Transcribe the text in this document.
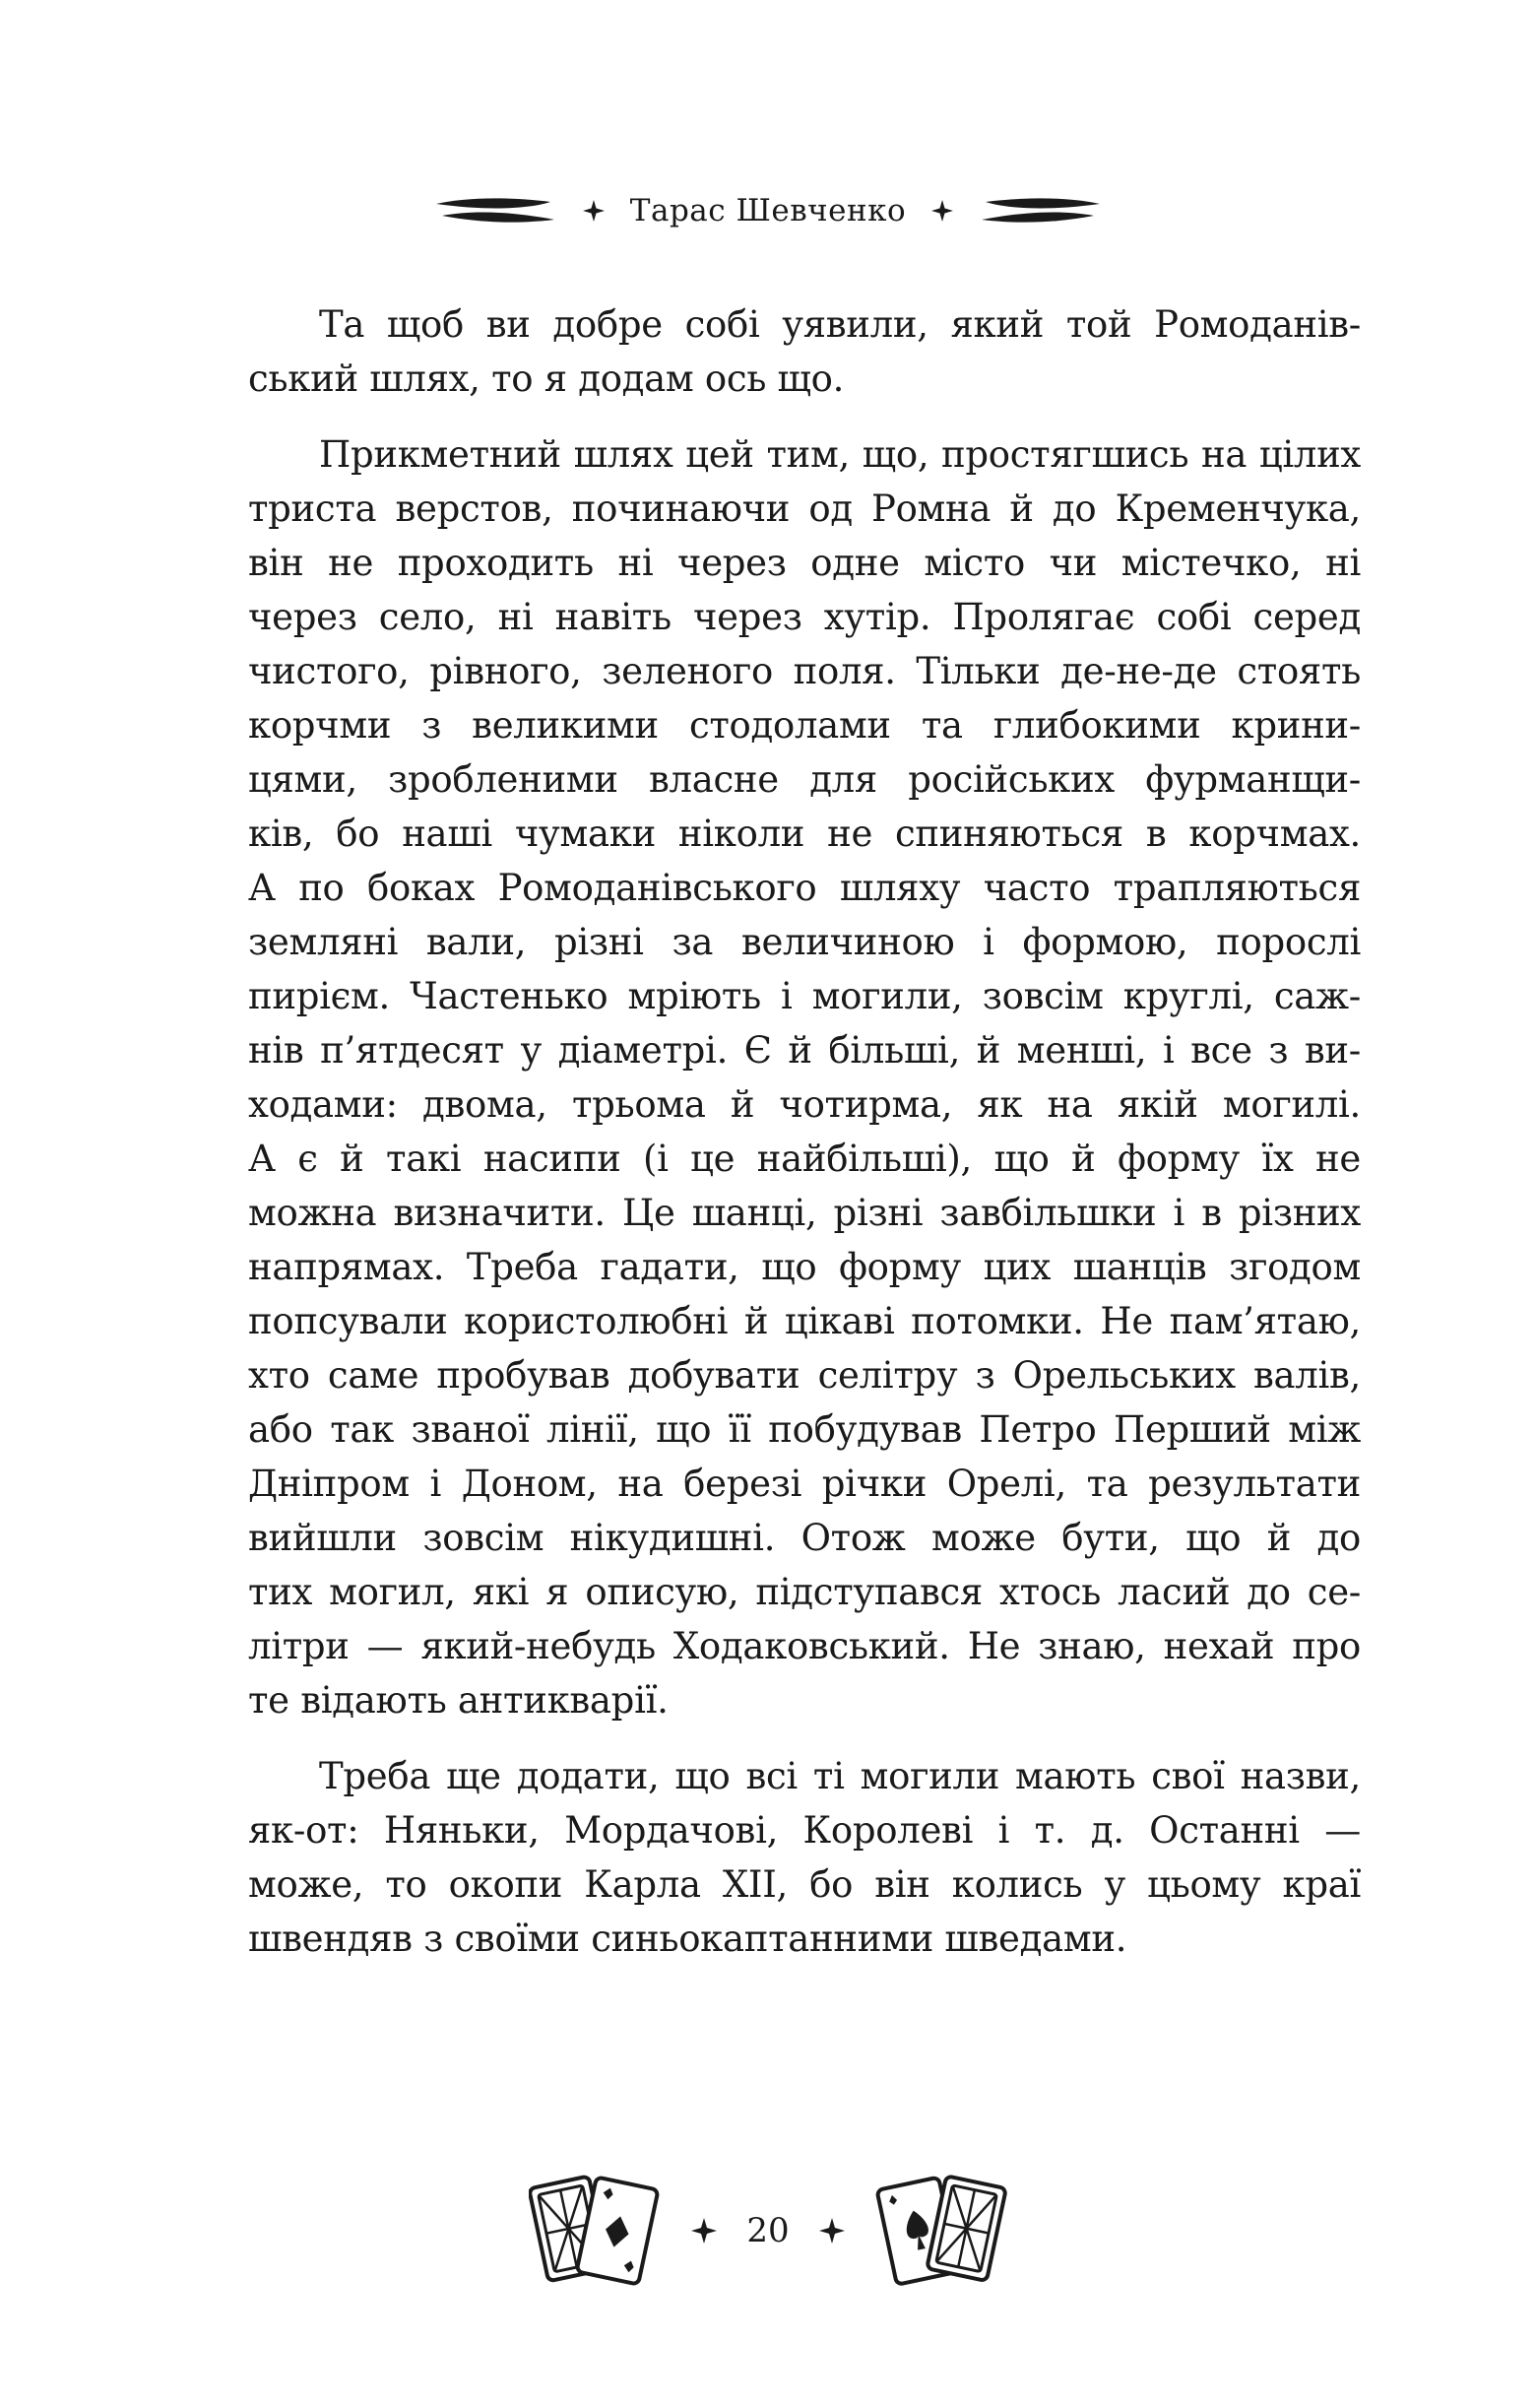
Тарас Шевченко
Та щоб ви добре собі уявили, який той Ромоданів-
ський шлях, то я додам ось що.
Прикметний шлях цей тим, що, простягшись на цілих
триста верстов, починаючи од Ромна й до Кременчука,
він не проходить ні через одне місто чи містечко, ні
через село, ні навіть через хутір. Пролягає собі серед
чистого, рівного, зеленого поля. Тільки де-не-де стоять
корчми з великими стодолами та глибокими крини-
цями, зробленими власне для російських фурманщи-
ків, бо наші чумаки ніколи не спиняються в корчмах.
А по боках Ромоданівського шляху часто трапляються
земляні вали, різні за величиною і формою, порослі
пирієм. Частенько мріють і могили, зовсім круглі, саж-
нів п’ятдесят у діаметрі. Є й більші, й менші, і все з ви-
ходами: двома, трьома й чотирма, як на якій могилі.
А є й такі насипи (і це найбільші), що й форму їх не
можна визначити. Це шанці, різні завбільшки і в різних
напрямах. Треба гадати, що форму цих шанців згодом
попсували користолюбні й цікаві потомки. Не пам’ятаю,
хто саме пробував добувати селітру з Орельських валів,
або так званої лінії, що її побудував Петро Перший між
Дніпром і Доном, на березі річки Орелі, та результати
вийшли зовсім нікудишні. Отож може бути, що й до
тих могил, які я описую, підступався хтось ласий до се-
літри — який-небудь Ходаковський. Не знаю, нехай про
те відають антикварії.
Треба ще додати, що всі ті могили мають свої назви,
як-от: Няньки, Мордачові, Королеві і т. д. Останні —
може, то окопи Карла XII, бо він колись у цьому краї
швендяв з своїми синьокаптанними шведами.
20
